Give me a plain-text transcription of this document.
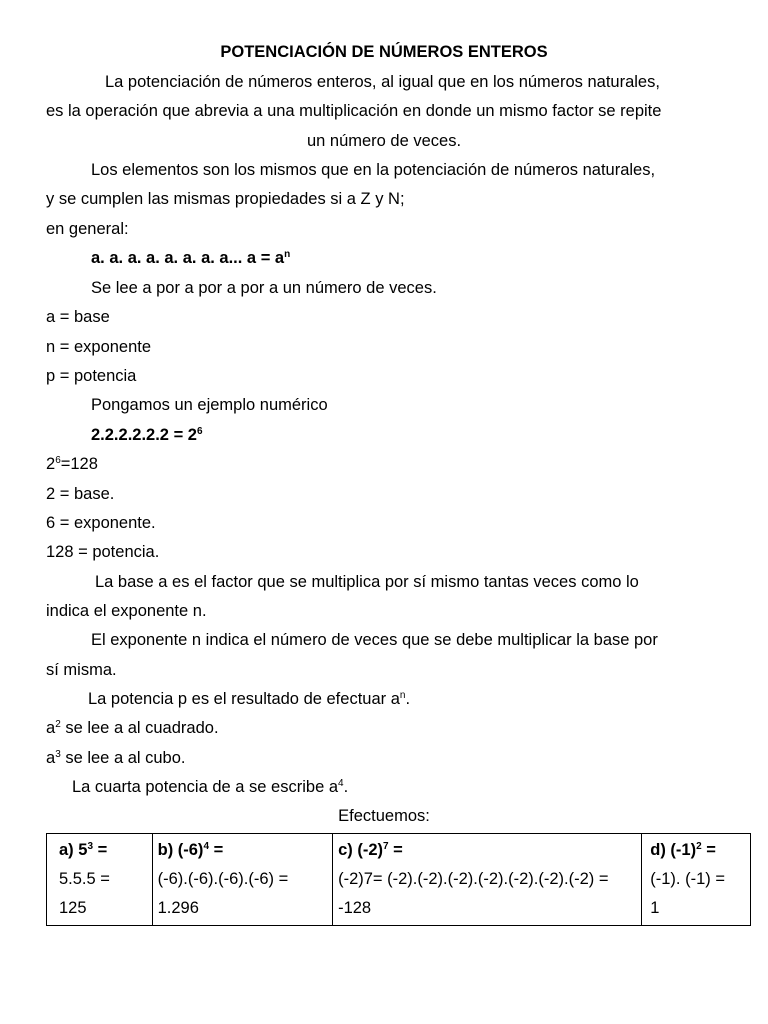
POTENCIACIÓN DE NÚMEROS ENTEROS
La potenciación de números enteros, al igual que en los números naturales,
es la operación que abrevia a una multiplicación en donde un mismo factor se repite
un número de veces.
Los elementos son los mismos que en la potenciación de números naturales,
y se cumplen las mismas propiedades si a Z y N;
en general:
a. a. a. a. a. a. a. a... $a = a^n$
Se lee a por a por a por a un número de veces.
a = base
n = exponente
p = potencia
Pongamos un ejemplo numérico
$2.2.2.2.2.2 = 2^6$
$2^6=128$
2 = base.
6 = exponente.
128 = potencia.
La base a es el factor que se multiplica por sí mismo tantas veces como lo
indica el exponente n.
El exponente n indica el número de veces que se debe multiplicar la base por
sí misma.
La potencia p es el resultado de efectuar $a^n$.
$a^2$ se lee a al cuadrado.
$a^3$ se lee a al cubo.
La cuarta potencia de a se escribe $a^4$.
Efectuemos:
a) $5^3$ =
5.5.5 =
125

b) $(-6)^4$ =
(-6).(-6).(-6).(-6) =
1.296

c) $(-2)^7$ =
(-2)7= (-2).(-2).(-2).(-2).(-2).(-2).(-2) =
-128

d) $(-1)^2$ =
(-1). (-1) =
1
